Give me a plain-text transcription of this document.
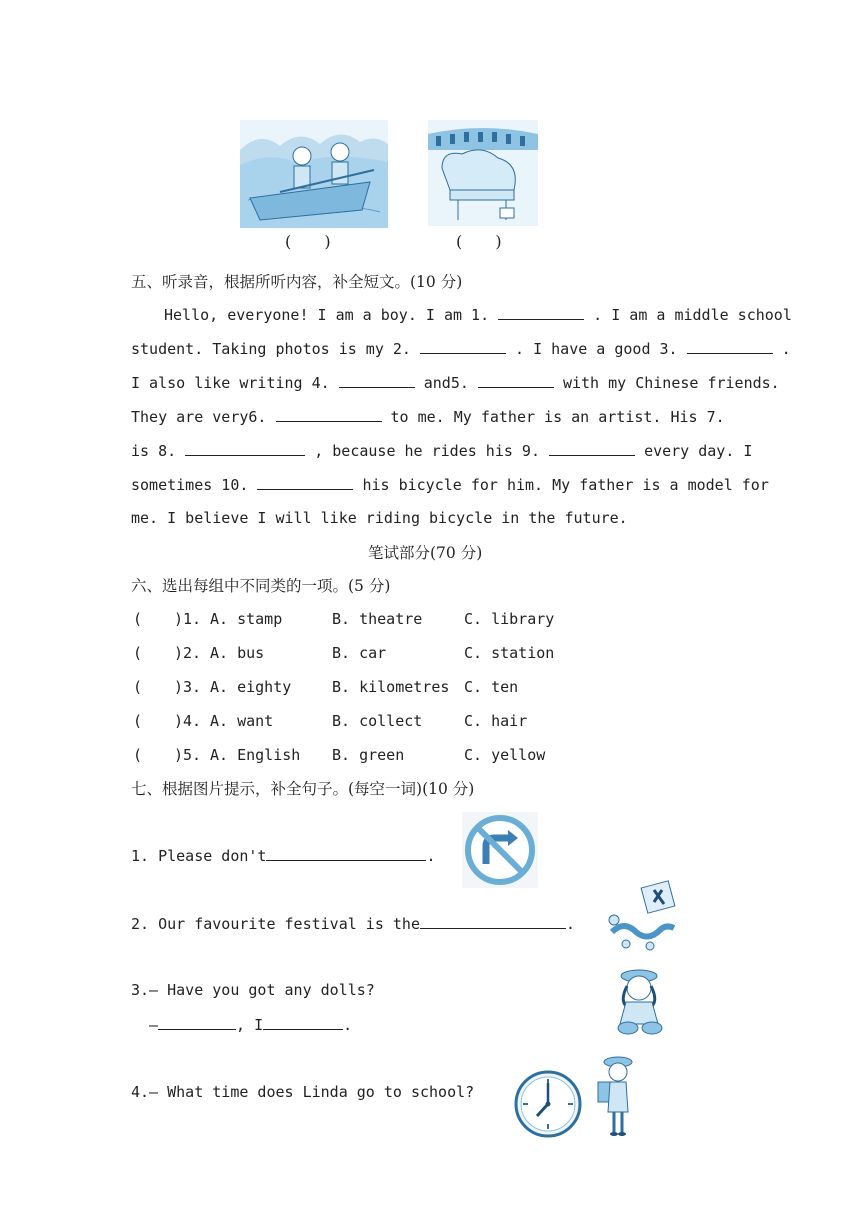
( )	( )
五、听录音，根据所听内容，补全短文。(10 分)
Hello, everyone! I am a boy. I am 1.	. I am a middle school
student. Taking photos is my 2.	. I have a good 3.	.
I also like writing 4.	and5.	with my Chinese friends.
They are very6.	to me. My father is an artist. His 7.
is 8.	, because he rides his 9.	every day. I
sometimes 10.	his bicycle for him. My father is a model for
me. I believe I will like riding bicycle in the future.
笔试部分(70 分)
六、选出每组中不同类的一项。(5 分)
( )1. A. stamp	B. theatre	C. library
( )2. A. bus	B. car	C. station
( )3. A. eighty	B. kilometres C. ten
( )4. A. want	B. collect	C. hair
( )5. A. English B. green	C. yellow
七、根据图片提示，补全句子。(每空一词)(10 分)
1. Please don't	.
2. Our favourite festival is the	.
3.— Have you got any dolls?
—	, I	.
4.— What time does Linda go to school?
